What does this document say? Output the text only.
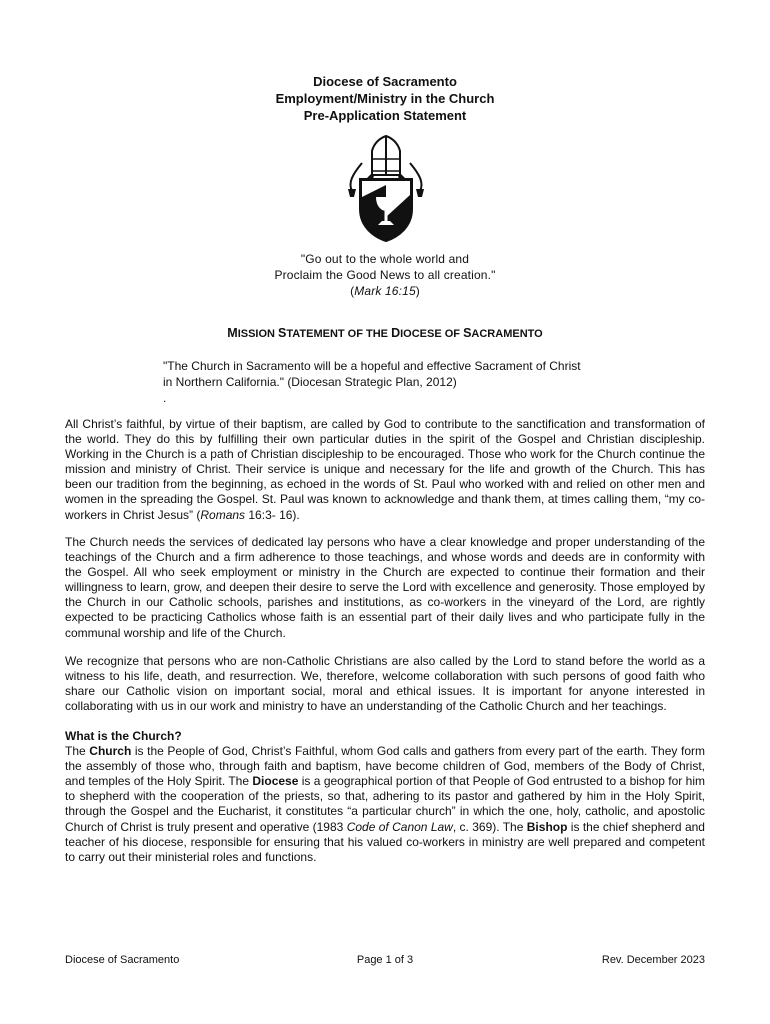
Diocese of Sacramento
Employment/Ministry in the Church
Pre-Application Statement
"Go out to the whole world and
Proclaim the Good News to all creation."
(Mark 16:15)
MISSION STATEMENT OF THE DIOCESE OF SACRAMENTO
"The Church in Sacramento will be a hopeful and effective Sacrament of Christ
in Northern California." (Diocesan Strategic Plan, 2012)
.
All Christ’s faithful, by virtue of their baptism, are called by God to contribute to the sanctification and transformation of the world. They do this by fulfilling their own particular duties in the spirit of the Gospel and Christian discipleship. Working in the Church is a path of Christian discipleship to be encouraged. Those who work for the Church continue the mission and ministry of Christ. Their service is unique and necessary for the life and growth of the Church. This has been our tradition from the beginning, as echoed in the words of St. Paul who worked with and relied on other men and women in the spreading the Gospel. St. Paul was known to acknowledge and thank them, at times calling them, “my co-workers in Christ Jesus” (Romans 16:3- 16).
The Church needs the services of dedicated lay persons who have a clear knowledge and proper understanding of the teachings of the Church and a firm adherence to those teachings, and whose words and deeds are in conformity with the Gospel. All who seek employment or ministry in the Church are expected to continue their formation and their willingness to learn, grow, and deepen their desire to serve the Lord with excellence and generosity. Those employed by the Church in our Catholic schools, parishes and institutions, as co-workers in the vineyard of the Lord, are rightly expected to be practicing Catholics whose faith is an essential part of their daily lives and who participate fully in the communal worship and life of the Church.
We recognize that persons who are non-Catholic Christians are also called by the Lord to stand before the world as a witness to his life, death, and resurrection. We, therefore, welcome collaboration with such persons of good faith who share our Catholic vision on important social, moral and ethical issues. It is important for anyone interested in collaborating with us in our work and ministry to have an understanding of the Catholic Church and her teachings.
What is the Church?
The Church is the People of God, Christ’s Faithful, whom God calls and gathers from every part of the earth. They form the assembly of those who, through faith and baptism, have become children of God, members of the Body of Christ, and temples of the Holy Spirit. The Diocese is a geographical portion of that People of God entrusted to a bishop for him to shepherd with the cooperation of the priests, so that, adhering to its pastor and gathered by him in the Holy Spirit, through the Gospel and the Eucharist, it constitutes “a particular church” in which the one, holy, catholic, and apostolic Church of Christ is truly present and operative (1983 Code of Canon Law, c. 369). The Bishop is the chief shepherd and teacher of his diocese, responsible for ensuring that his valued co-workers in ministry are well prepared and competent to carry out their ministerial roles and functions.
Diocese of Sacramento	Page 1 of 3	Rev. December 2023
